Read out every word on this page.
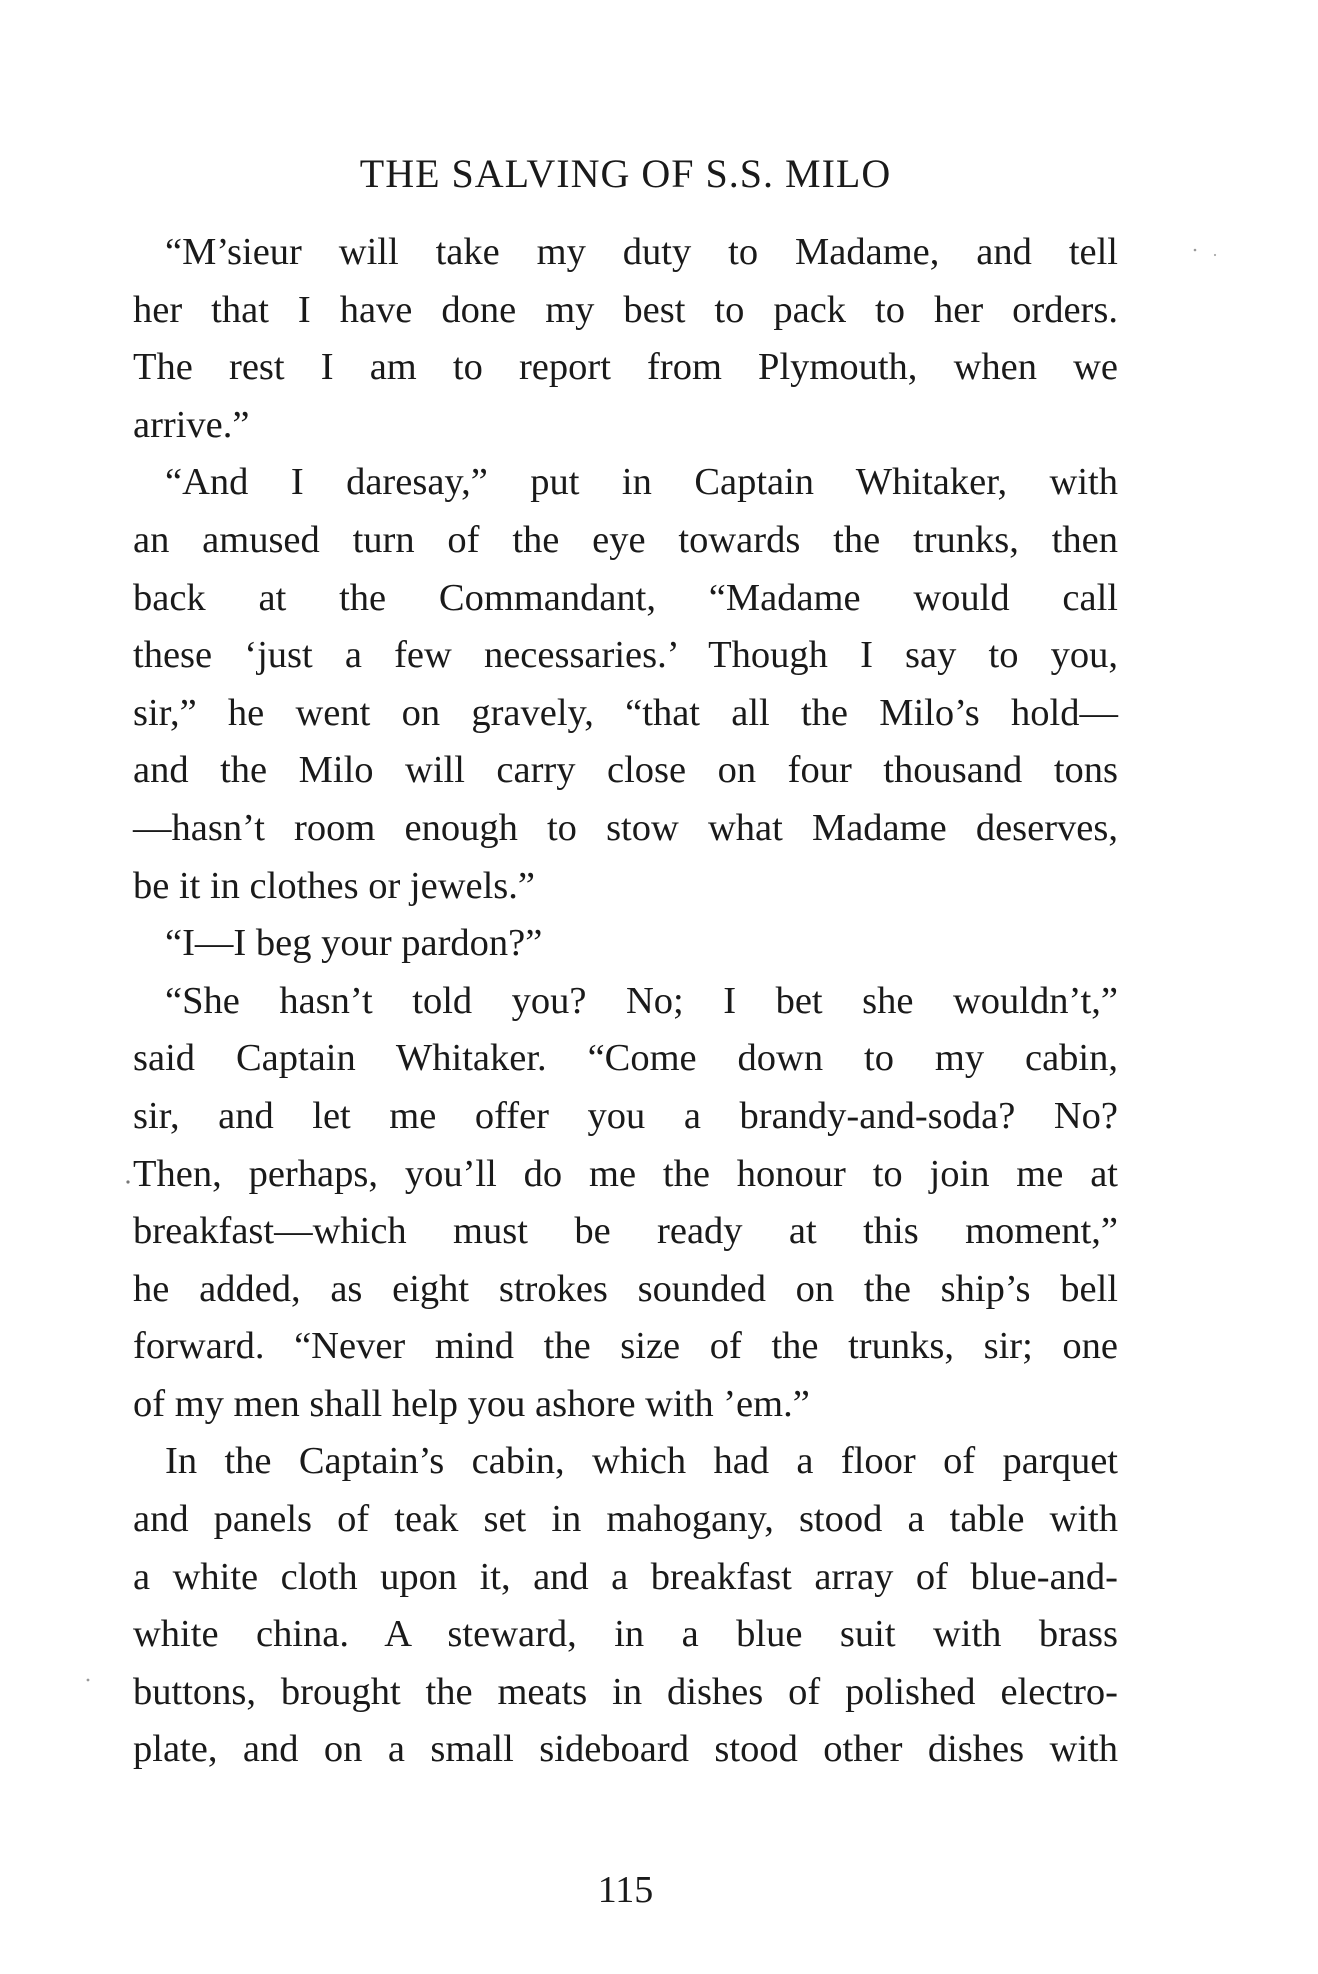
THE SALVING OF S.S. MILO
“M’sieur will take my duty to Madame, and tell
her that I have done my best to pack to her orders.
The rest I am to report from Plymouth, when we
arrive.”
“And I daresay,” put in Captain Whitaker, with
an amused turn of the eye towards the trunks, then
back at the Commandant, “Madame would call
these ‘just a few necessaries.’ Though I say to you,
sir,” he went on gravely, “that all the Milo’s hold—
and the Milo will carry close on four thousand tons
—hasn’t room enough to stow what Madame deserves,
be it in clothes or jewels.”
“I—I beg your pardon?”
“She hasn’t told you? No; I bet she wouldn’t,”
said Captain Whitaker. “Come down to my cabin,
sir, and let me offer you a brandy-and-soda? No?
Then, perhaps, you’ll do me the honour to join me at
breakfast—which must be ready at this moment,”
he added, as eight strokes sounded on the ship’s bell
forward. “Never mind the size of the trunks, sir; one
of my men shall help you ashore with ’em.”
In the Captain’s cabin, which had a floor of parquet
and panels of teak set in mahogany, stood a table with
a white cloth upon it, and a breakfast array of blue-and-
white china. A steward, in a blue suit with brass
buttons, brought the meats in dishes of polished electro-
plate, and on a small sideboard stood other dishes with
115
